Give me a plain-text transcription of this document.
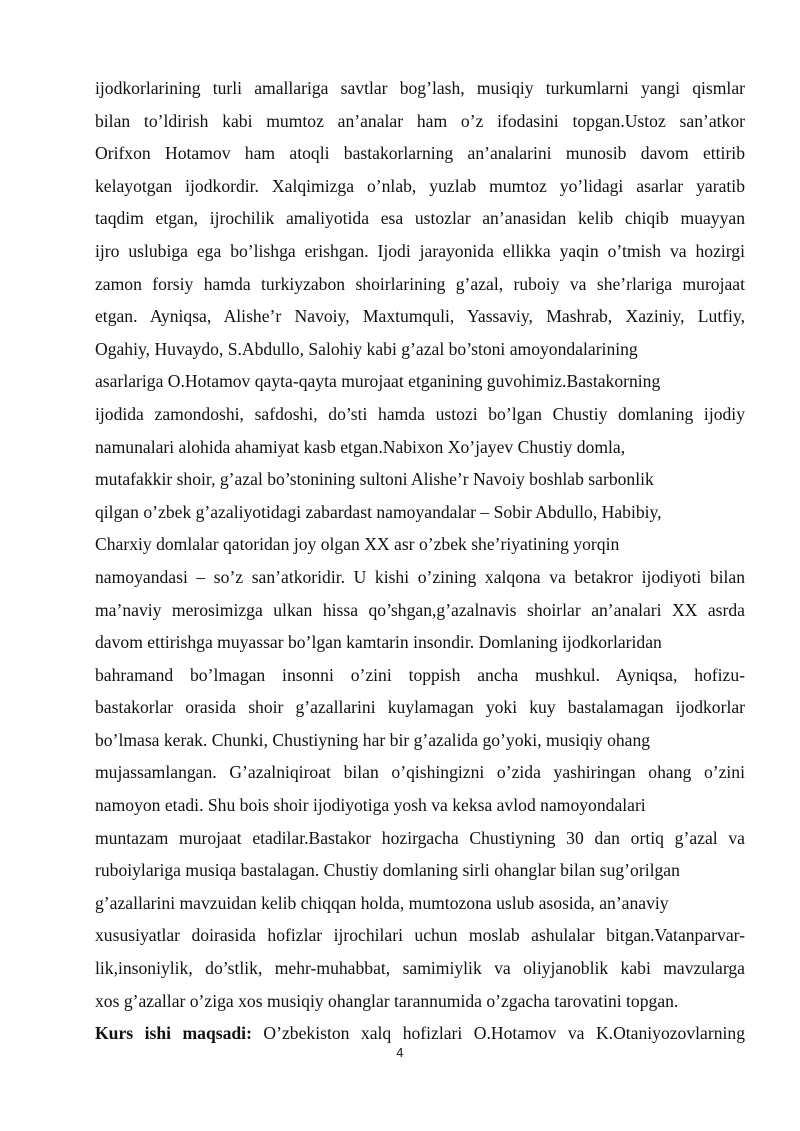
ijodkorlarining turli amallariga savtlar bog’lash, musiqiy turkumlarni yangi qismlar
bilan to’ldirish kabi mumtoz an’analar ham o’z ifodasini topgan.Ustoz san’atkor
Orifxon Hotamov ham atoqli bastakorlarning an’analarini munosib davom ettirib
kelayotgan ijodkordir. Xalqimizga o’nlab, yuzlab mumtoz yo’lidagi asarlar yaratib
taqdim etgan, ijrochilik amaliyotida esa ustozlar an’anasidan kelib chiqib muayyan
ijro uslubiga ega bo’lishga erishgan. Ijodi jarayonida ellikka yaqin o’tmish va hozirgi
zamon forsiy hamda turkiyzabon shoirlarining g’azal, ruboiy va she’rlariga murojaat
etgan. Ayniqsa, Alishe’r Navoiy, Maxtumquli, Yassaviy, Mashrab, Xaziniy, Lutfiy,
Ogahiy, Huvaydo, S.Abdullo, Salohiy kabi g’azal bo’stoni amoyondalarining
asarlariga O.Hotamov qayta-qayta murojaat etganining guvohimiz.Bastakorning
ijodida zamondoshi, safdoshi, do’sti hamda ustozi bo’lgan Chustiy domlaning ijodiy
namunalari alohida ahamiyat kasb etgan.Nabixon Xo’jayev Chustiy domla,
mutafakkir shoir, g’azal bo’stonining sultoni Alishe’r Navoiy boshlab sarbonlik
qilgan o’zbek g’azaliyotidagi zabardast namoyandalar – Sobir Abdullo, Habibiy,
Charxiy domlalar qatoridan joy olgan XX asr o’zbek she’riyatining yorqin
namoyandasi – so’z san’atkoridir. U kishi o’zining xalqona va betakror ijodiyoti bilan
ma’naviy merosimizga ulkan hissa qo’shgan,g’azalnavis shoirlar an’analari XX asrda
davom ettirishga muyassar bo’lgan kamtarin insondir. Domlaning ijodkorlaridan
bahramand bo’lmagan insonni o’zini toppish ancha mushkul. Ayniqsa, hofizu-
bastakorlar orasida shoir g’azallarini kuylamagan yoki kuy bastalamagan ijodkorlar
bo’lmasa kerak. Chunki, Chustiyning har bir g’azalida go’yoki, musiqiy ohang
mujassamlangan. G’azalniqiroat bilan o’qishingizni o’zida yashiringan ohang o’zini
namoyon etadi. Shu bois shoir ijodiyotiga yosh va keksa avlod namoyondalari
muntazam murojaat etadilar.Bastakor hozirgacha Chustiyning 30 dan ortiq g’azal va
ruboiylariga musiqa bastalagan. Chustiy domlaning sirli ohanglar bilan sug’orilgan
g’azallarini mavzuidan kelib chiqqan holda, mumtozona uslub asosida, an’anaviy
xususiyatlar doirasida hofizlar ijrochilari uchun moslab ashulalar bitgan.Vatanparvar-
lik,insoniylik, do’stlik, mehr-muhabbat, samimiylik va oliyjanoblik kabi mavzularga
xos g’azallar o’ziga xos musiqiy ohanglar tarannumida o’zgacha tarovatini topgan.
Kurs ishi maqsadi: O’zbekiston xalq hofizlari O.Hotamov va K.Otaniyozovlarning
4
